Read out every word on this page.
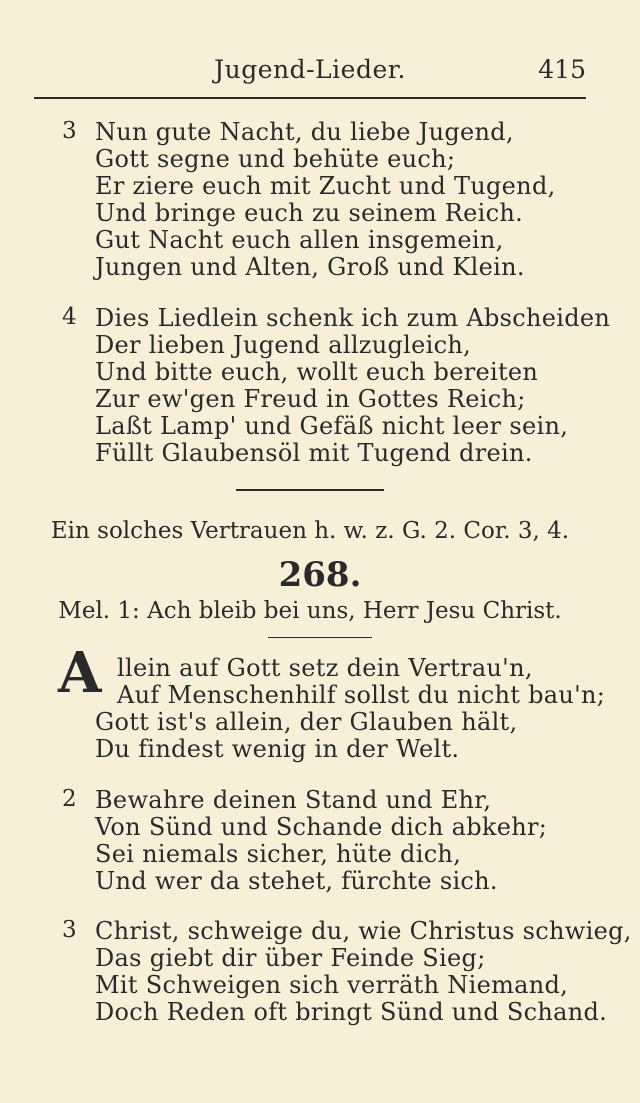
Jugend-Lieder.	415
3 Nun gute Nacht, du liebe Jugend,
Gott segne und behüte euch;
Er ziere euch mit Zucht und Tugend,
Und bringe euch zu seinem Reich.
Gut Nacht euch allen insgemein,
Jungen und Alten, Groß und Klein.
4 Dies Liedlein schenk ich zum Abscheiden
Der lieben Jugend allzugleich,
Und bitte euch, wollt euch bereiten
Zur ew'gen Freud in Gottes Reich;
Laßt Lamp' und Gefäß nicht leer sein,
Füllt Glaubensöl mit Tugend drein.
Ein solches Vertrauen h. w. z. G. 2. Cor. 3, 4.
268.
Mel. 1: Ach bleib bei uns, Herr Jesu Christ.
A llein auf Gott setz dein Vertrau'n,
Auf Menschenhilf sollst du nicht bau'n;
Gott ist's allein, der Glauben hält,
Du findest wenig in der Welt.
2 Bewahre deinen Stand und Ehr,
Von Sünd und Schande dich abkehr;
Sei niemals sicher, hüte dich,
Und wer da stehet, fürchte sich.
3 Christ, schweige du, wie Christus schwieg,
Das giebt dir über Feinde Sieg;
Mit Schweigen sich verräth Niemand,
Doch Reden oft bringt Sünd und Schand.
